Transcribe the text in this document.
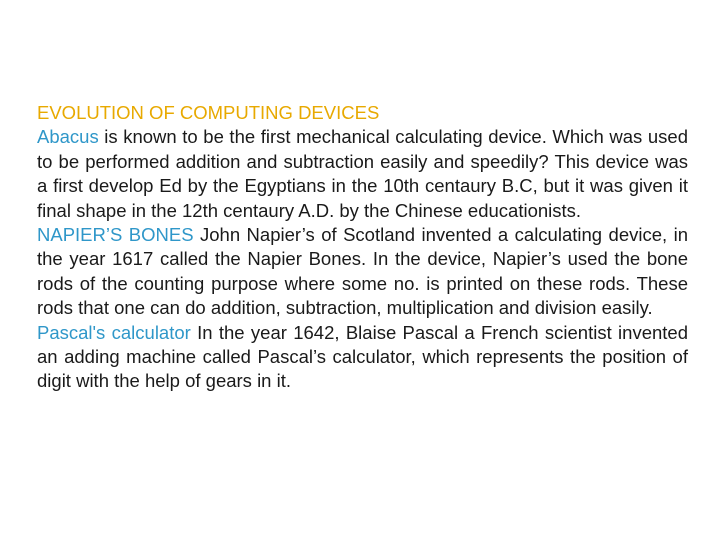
EVOLUTION OF COMPUTING DEVICES

Abacus is known to be the first mechanical calculating device. Which was used to be performed addition and subtraction easily and speedily? This device was a first develop Ed by the Egyptians in the 10th centaury B.C, but it was given it final shape in the 12th centaury A.D. by the Chinese educationists.

NAPIER’S BONES John Napier’s of Scotland invented a calculating device, in the year 1617 called the Napier Bones. In the device, Napier’s used the bone rods of the counting purpose where some no. is printed on these rods. These rods that one can do addition, subtraction, multiplication and division easily.

Pascal's calculator In the year 1642, Blaise Pascal a French scientist invented an adding machine called Pascal’s calculator, which represents the position of digit with the help of gears in it.
